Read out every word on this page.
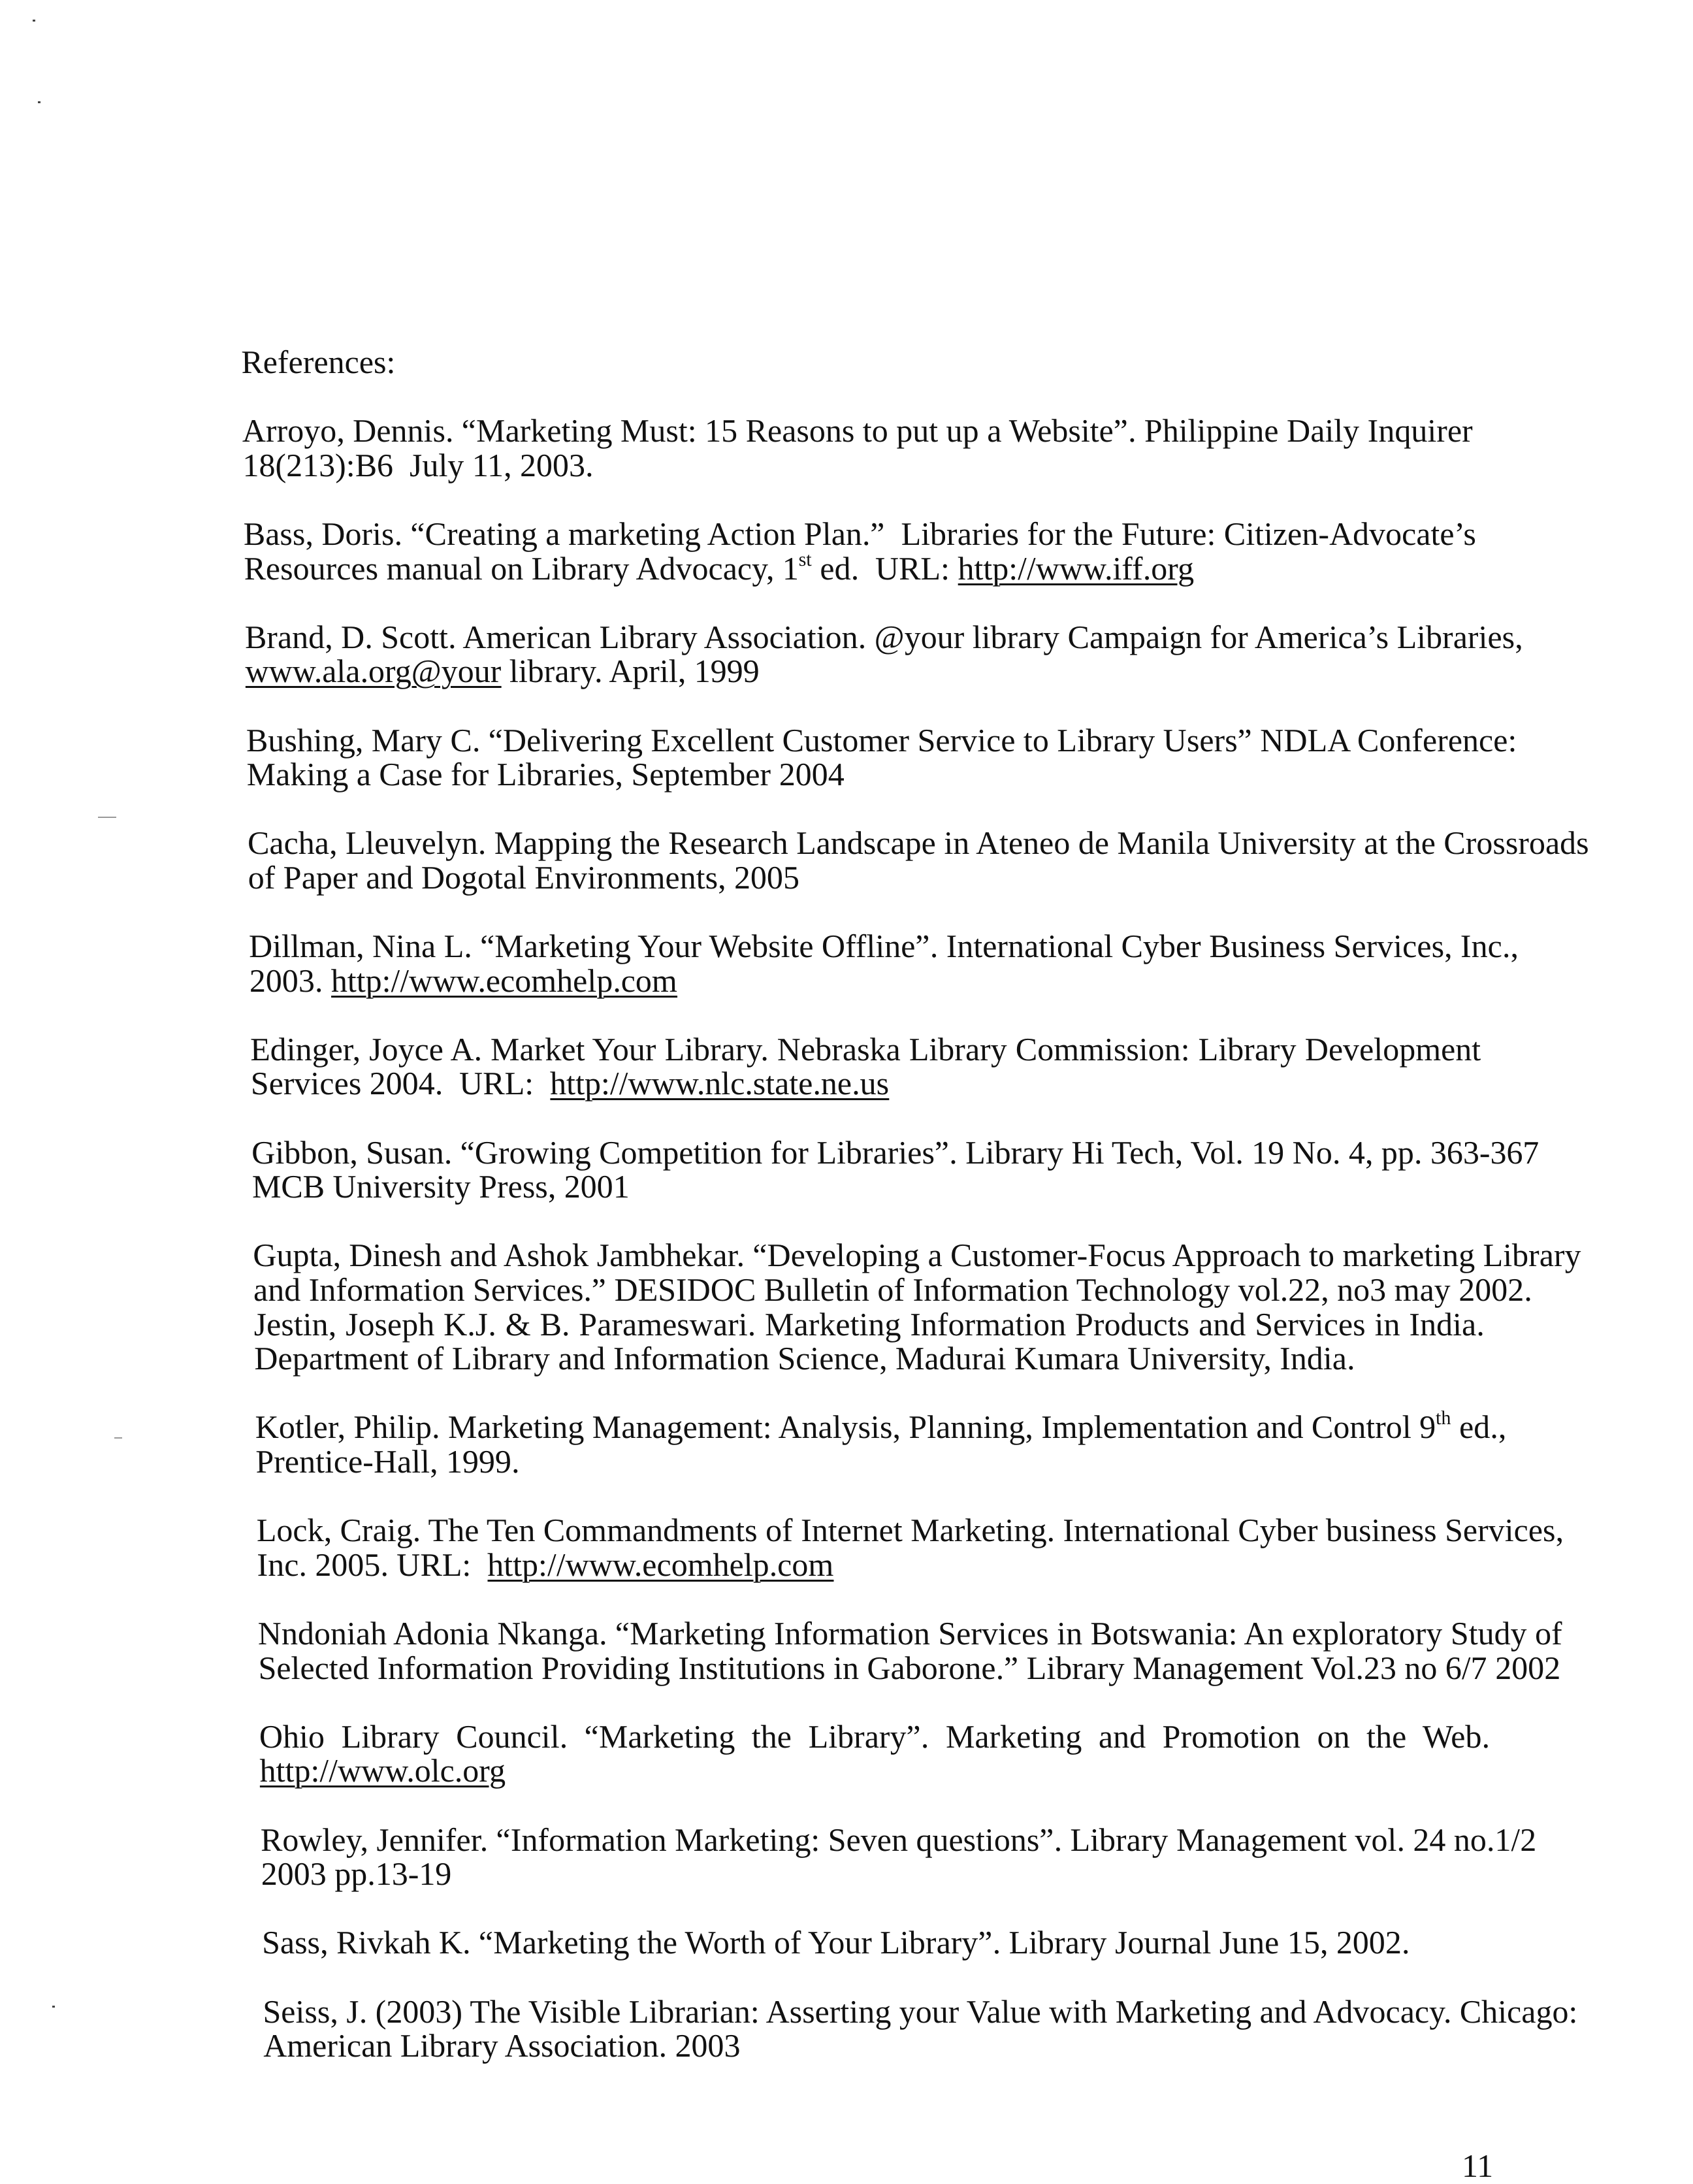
References:
Arroyo, Dennis. “Marketing Must: 15 Reasons to put up a Website”. Philippine Daily Inquirer
18(213):B6  July 11, 2003.
Bass, Doris. “Creating a marketing Action Plan.”  Libraries for the Future: Citizen-Advocate’s
Resources manual on Library Advocacy, 1st ed.  URL: http://www.iff.org
Brand, D. Scott. American Library Association. @your library Campaign for America’s Libraries,
www.ala.org@your library. April, 1999
Bushing, Mary C. “Delivering Excellent Customer Service to Library Users” NDLA Conference:
Making a Case for Libraries, September 2004
Cacha, Lleuvelyn. Mapping the Research Landscape in Ateneo de Manila University at the Crossroads
of Paper and Dogotal Environments, 2005
Dillman, Nina L. “Marketing Your Website Offline”. International Cyber Business Services, Inc.,
2003. http://www.ecomhelp.com
Edinger, Joyce A. Market Your Library. Nebraska Library Commission: Library Development
Services 2004.  URL:  http://www.nlc.state.ne.us
Gibbon, Susan. “Growing Competition for Libraries”. Library Hi Tech, Vol. 19 No. 4, pp. 363-367
MCB University Press, 2001
Gupta, Dinesh and Ashok Jambhekar. “Developing a Customer-Focus Approach to marketing Library
and Information Services.” DESIDOC Bulletin of Information Technology vol.22, no3 may 2002.
Jestin, Joseph K.J. & B. Parameswari. Marketing Information Products and Services in India.
Department of Library and Information Science, Madurai Kumara University, India.
Kotler, Philip. Marketing Management: Analysis, Planning, Implementation and Control 9th ed.,
Prentice-Hall, 1999.
Lock, Craig. The Ten Commandments of Internet Marketing. International Cyber business Services,
Inc. 2005. URL:  http://www.ecomhelp.com
Nndoniah Adonia Nkanga. “Marketing Information Services in Botswania: An exploratory Study of
Selected Information Providing Institutions in Gaborone.” Library Management Vol.23 no 6/7 2002
Ohio Library Council. “Marketing the Library”. Marketing and Promotion on the Web.
http://www.olc.org
Rowley, Jennifer. “Information Marketing: Seven questions”. Library Management vol. 24 no.1/2
2003 pp.13-19
Sass, Rivkah K. “Marketing the Worth of Your Library”. Library Journal June 15, 2002.
Seiss, J. (2003) The Visible Librarian: Asserting your Value with Marketing and Advocacy. Chicago:
American Library Association. 2003
11
